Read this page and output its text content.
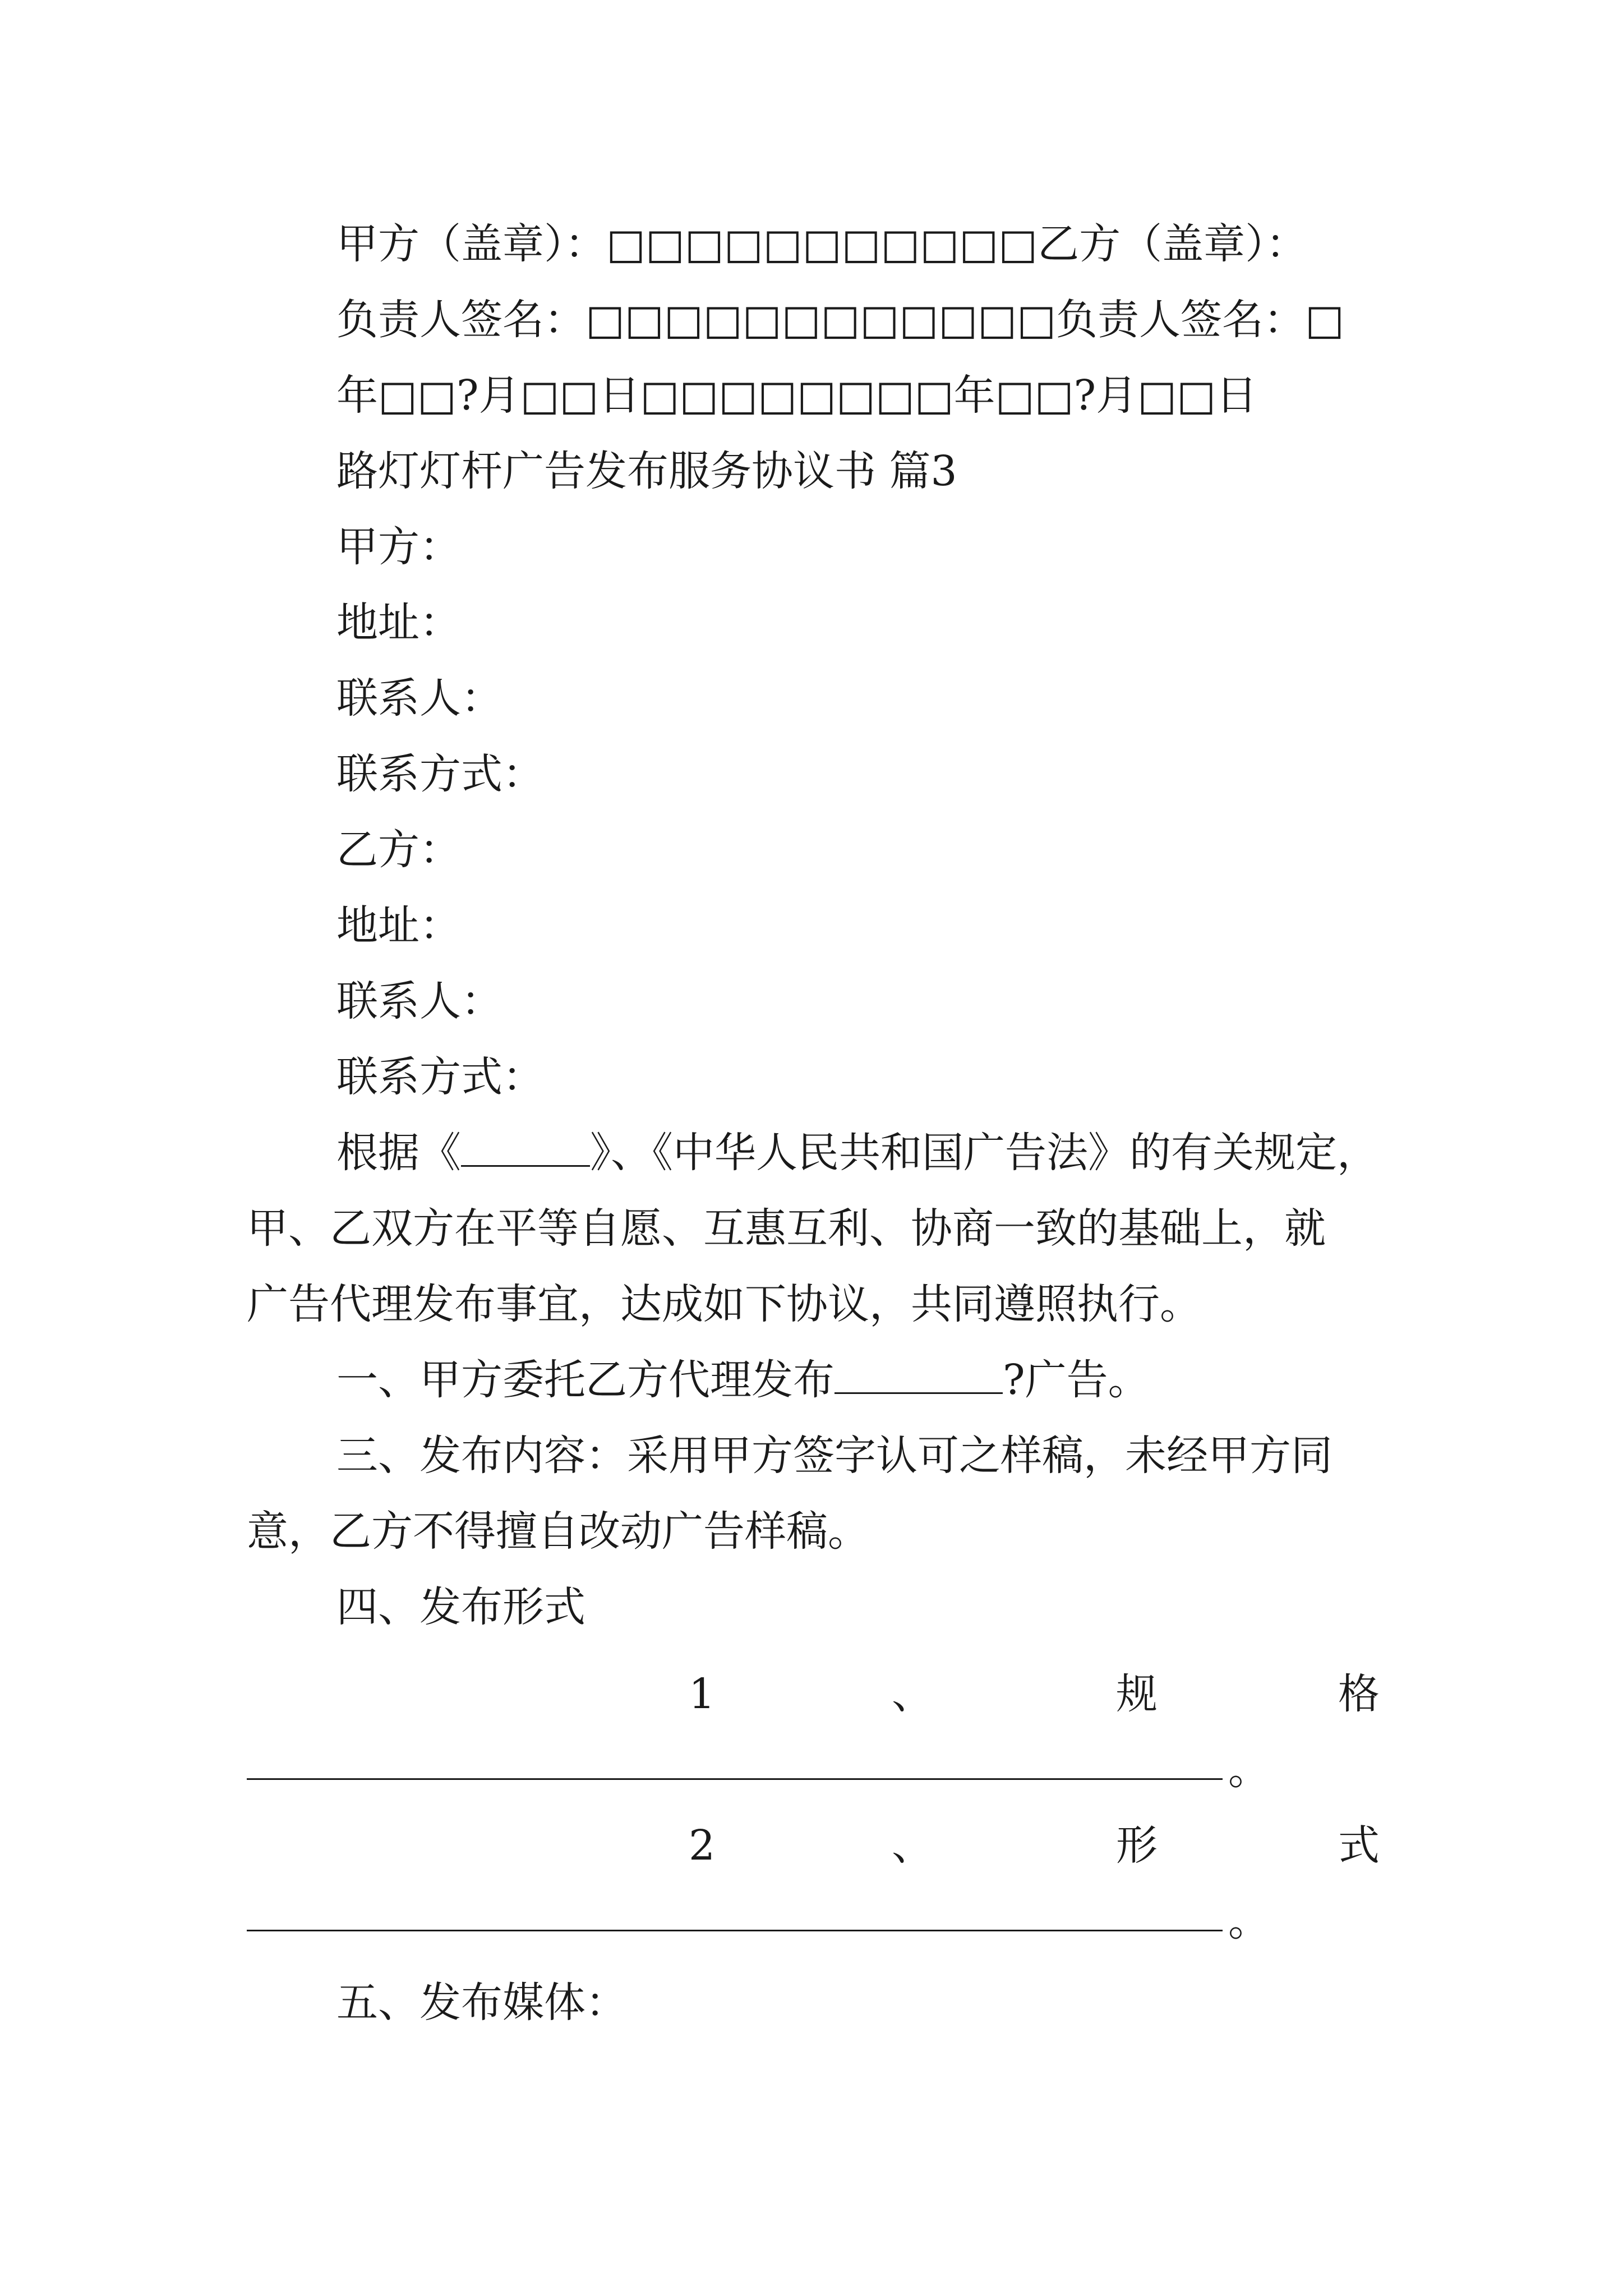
甲方（盖章）：□□□□□□□□□□□乙方（盖章）：
负责人签名：□□□□□□□□□□□□负责人签名：□
年□□?月□□日□□□□□□□□年□□?月□□日
路灯灯杆广告发布服务协议书 篇3
甲方：
地址：
联系人：
联系方式：
乙方：
地址：
联系人：
联系方式：
根据《	》、《中华人民共和国广告法》的有关规定，
甲、乙双方在平等自愿、互惠互利、协商一致的基础上，就
广告代理发布事宜，达成如下协议，共同遵照执行。
一、甲方委托乙方代理发布	?广告。
三、发布内容：采用甲方签字认可之样稿，未经甲方同
意，乙方不得擅自改动广告样稿。
四、发布形式
1	、	规	格
。
2	、	形	式
。
五、发布媒体：
